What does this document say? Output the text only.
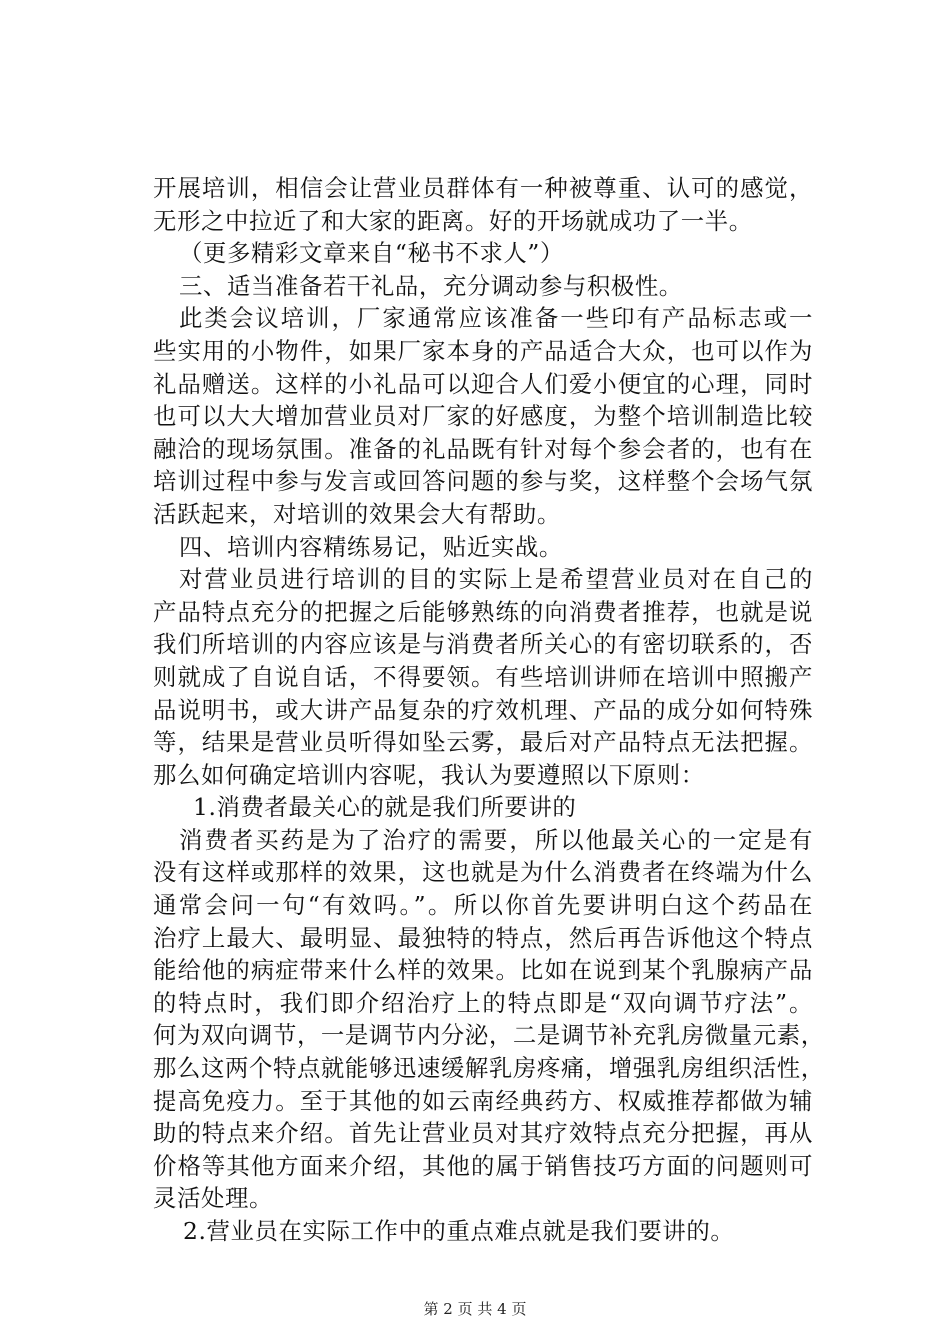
开展培训，相信会让营业员群体有一种被尊重、认可的感觉，
无形之中拉近了和大家的距离。好的开场就成功了一半。
（更多精彩文章来自“秘书不求人”）
三、适当准备若干礼品，充分调动参与积极性。
此类会议培训，厂家通常应该准备一些印有产品标志或一
些实用的小物件，如果厂家本身的产品适合大众，也可以作为
礼品赠送。这样的小礼品可以迎合人们爱小便宜的心理，同时
也可以大大增加营业员对厂家的好感度，为整个培训制造比较
融洽的现场氛围。准备的礼品既有针对每个参会者的，也有在
培训过程中参与发言或回答问题的参与奖，这样整个会场气氛
活跃起来，对培训的效果会大有帮助。
四、培训内容精练易记，贴近实战。
对营业员进行培训的目的实际上是希望营业员对在自己的
产品特点充分的把握之后能够熟练的向消费者推荐，也就是说
我们所培训的内容应该是与消费者所关心的有密切联系的，否
则就成了自说自话，不得要领。有些培训讲师在培训中照搬产
品说明书，或大讲产品复杂的疗效机理、产品的成分如何特殊
等，结果是营业员听得如坠云雾，最后对产品特点无法把握。
那么如何确定培训内容呢，我认为要遵照以下原则：
1.消费者最关心的就是我们所要讲的
消费者买药是为了治疗的需要，所以他最关心的一定是有
没有这样或那样的效果，这也就是为什么消费者在终端为什么
通常会问一句“有效吗。”。所以你首先要讲明白这个药品在
治疗上最大、最明显、最独特的特点，然后再告诉他这个特点
能给他的病症带来什么样的效果。比如在说到某个乳腺病产品
的特点时，我们即介绍治疗上的特点即是“双向调节疗法”。
何为双向调节，一是调节内分泌，二是调节补充乳房微量元素，
那么这两个特点就能够迅速缓解乳房疼痛，增强乳房组织活性，
提高免疫力。至于其他的如云南经典药方、权威推荐都做为辅
助的特点来介绍。首先让营业员对其疗效特点充分把握，再从
价格等其他方面来介绍，其他的属于销售技巧方面的问题则可
灵活处理。
2.营业员在实际工作中的重点难点就是我们要讲的。
第 2 页 共 4 页
